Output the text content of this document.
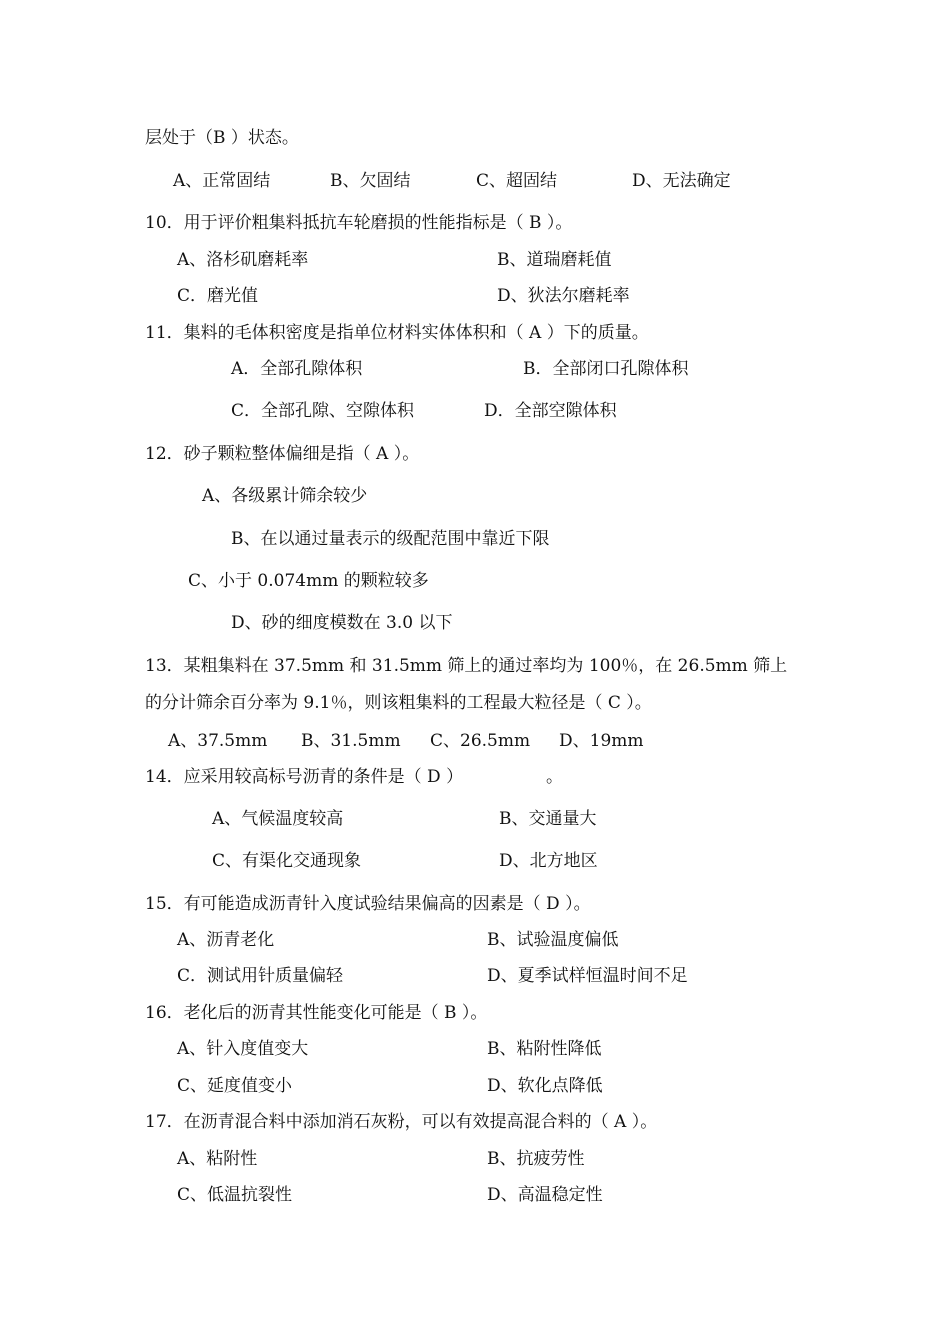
层处于（B ）状态。
A、正常固结	B、欠固结	C、超固结	D、无法确定
10．用于评价粗集料抵抗车轮磨损的性能指标是（ B ）。
A、洛杉矶磨耗率	B、道瑞磨耗值
C．磨光值	D、狄法尔磨耗率
11．集料的毛体积密度是指单位材料实体体积和（ A ）下的质量。
A．全部孔隙体积	B．全部闭口孔隙体积
C．全部孔隙、空隙体积	D．全部空隙体积
12．砂子颗粒整体偏细是指（ A ）。
A、各级累计筛余较少
B、在以通过量表示的级配范围中靠近下限
C、小于 0.074mm 的颗粒较多
D、砂的细度模数在 3.0 以下
13．某粗集料在 37.5mm 和 31.5mm 筛上的通过率均为 100％，在 26.5mm 筛上
的分计筛余百分率为 9.1％，则该粗集料的工程最大粒径是（ C ）。
A、37.5mm B、31.5mm C、26.5mm D、19mm
14．应采用较高标号沥青的条件是（ D ）	。
A、气候温度较高	B、交通量大
C、有渠化交通现象	D、北方地区
15．有可能造成沥青针入度试验结果偏高的因素是（ D ）。
A、沥青老化	B、试验温度偏低
C．测试用针质量偏轻	D、夏季试样恒温时间不足
16．老化后的沥青其性能变化可能是（ B ）。
A、针入度值变大	B、粘附性降低
C、延度值变小	D、软化点降低
17．在沥青混合料中添加消石灰粉，可以有效提高混合料的（ A ）。
A、粘附性	B、抗疲劳性
C、低温抗裂性	D、高温稳定性
